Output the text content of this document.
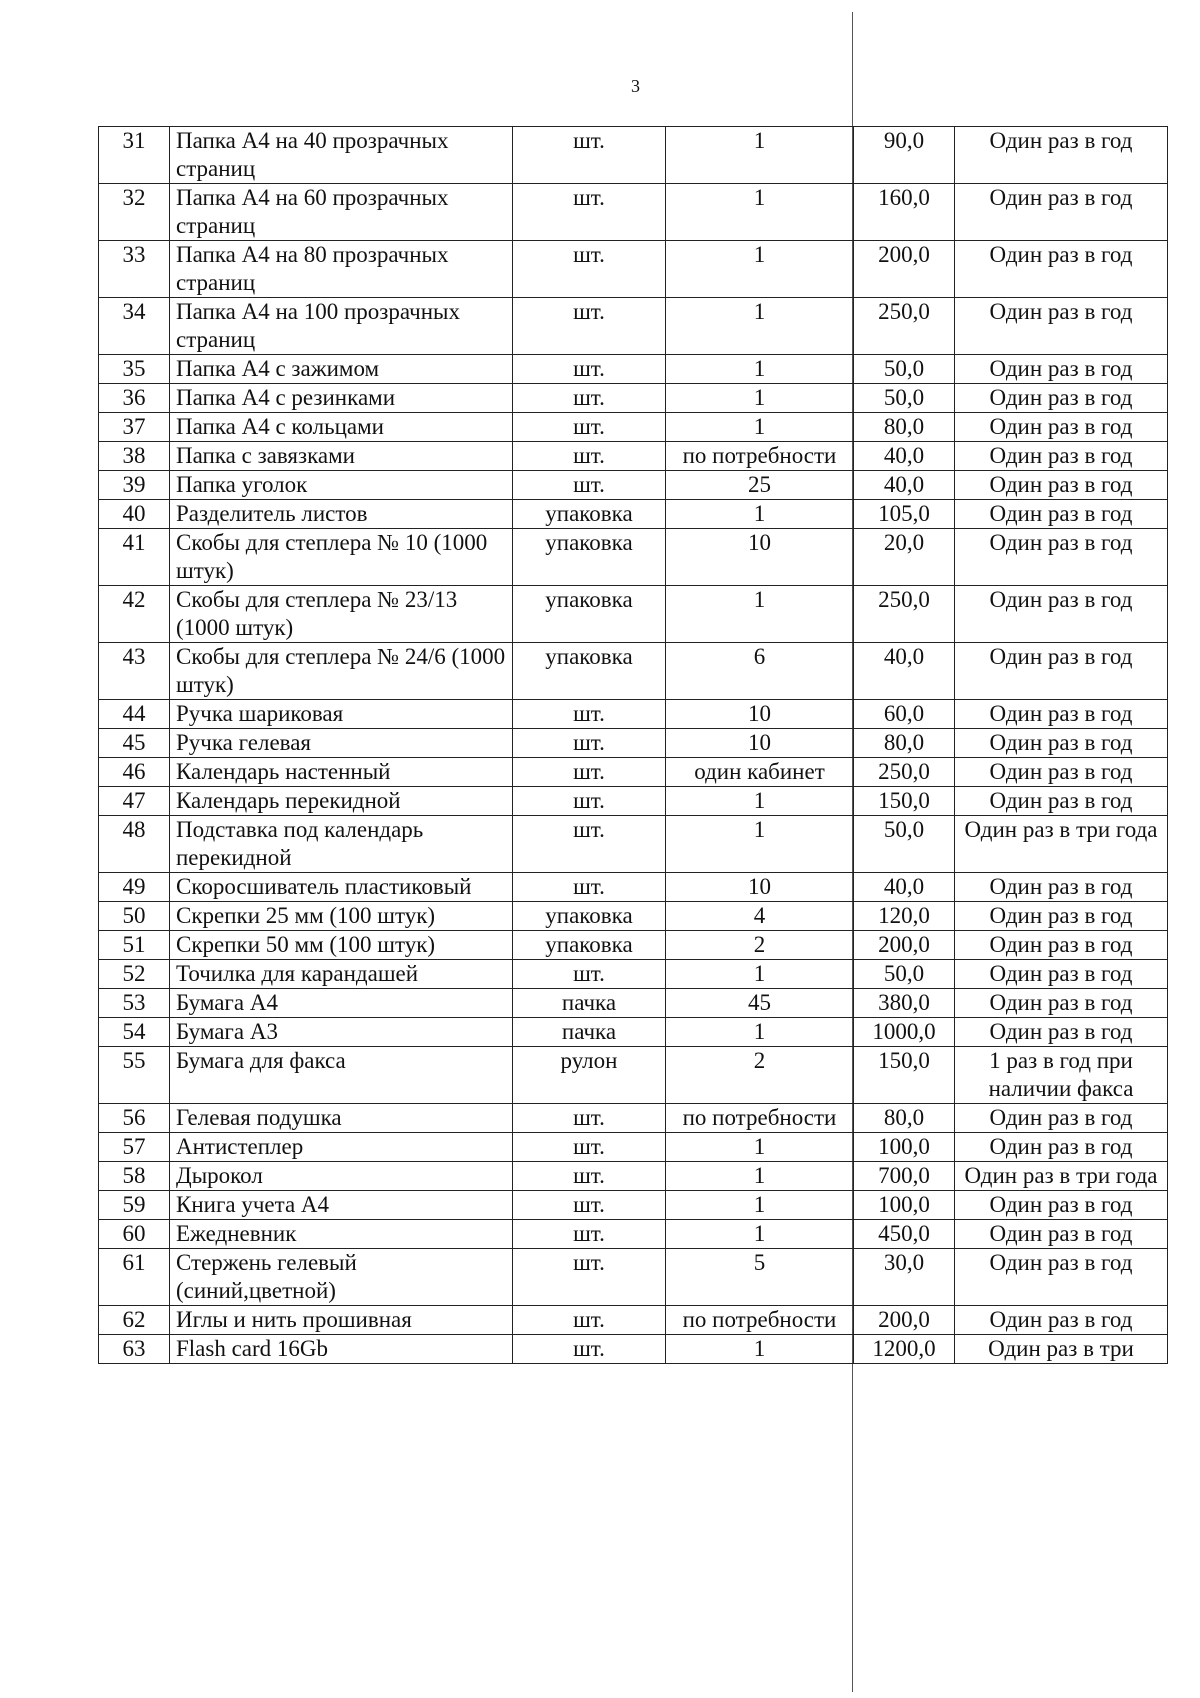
3
31	Папка А4 на 40 прозрачных страниц	шт.	1	90,0	Один раз в год
32	Папка А4 на 60 прозрачных страниц	шт.	1	160,0	Один раз в год
33	Папка А4 на 80 прозрачных страниц	шт.	1	200,0	Один раз в год
34	Папка А4 на 100 прозрачных страниц	шт.	1	250,0	Один раз в год
35	Папка А4 с зажимом	шт.	1	50,0	Один раз в год
36	Папка А4 с резинками	шт.	1	50,0	Один раз в год
37	Папка А4 с кольцами	шт.	1	80,0	Один раз в год
38	Папка с завязками	шт.	по потребности	40,0	Один раз в год
39	Папка уголок	шт.	25	40,0	Один раз в год
40	Разделитель листов	упаковка	1	105,0	Один раз в год
41	Скобы для степлера № 10 (1000 штук)	упаковка	10	20,0	Один раз в год
42	Скобы для степлера № 23/13 (1000 штук)	упаковка	1	250,0	Один раз в год
43	Скобы для степлера № 24/6 (1000 штук)	упаковка	6	40,0	Один раз в год
44	Ручка шариковая	шт.	10	60,0	Один раз в год
45	Ручка гелевая	шт.	10	80,0	Один раз в год
46	Календарь настенный	шт.	один кабинет	250,0	Один раз в год
47	Календарь перекидной	шт.	1	150,0	Один раз в год
48	Подставка под календарь перекидной	шт.	1	50,0	Один раз в три года
49	Скоросшиватель пластиковый	шт.	10	40,0	Один раз в год
50	Скрепки 25 мм (100 штук)	упаковка	4	120,0	Один раз в год
51	Скрепки 50 мм (100 штук)	упаковка	2	200,0	Один раз в год
52	Точилка для карандашей	шт.	1	50,0	Один раз в год
53	Бумага А4	пачка	45	380,0	Один раз в год
54	Бумага А3	пачка	1	1000,0	Один раз в год
55	Бумага для факса	рулон	2	150,0	1 раз в год при наличии факса
56	Гелевая подушка	шт.	по потребности	80,0	Один раз в год
57	Антистеплер	шт.	1	100,0	Один раз в год
58	Дырокол	шт.	1	700,0	Один раз в три года
59	Книга учета А4	шт.	1	100,0	Один раз в год
60	Ежедневник	шт.	1	450,0	Один раз в год
61	Стержень гелевый (синий,цветной)	шт.	5	30,0	Один раз в год
62	Иглы и нить прошивная	шт.	по потребности	200,0	Один раз в год
63	Flash card 16Gb	шт.	1	1200,0	Один раз в три
